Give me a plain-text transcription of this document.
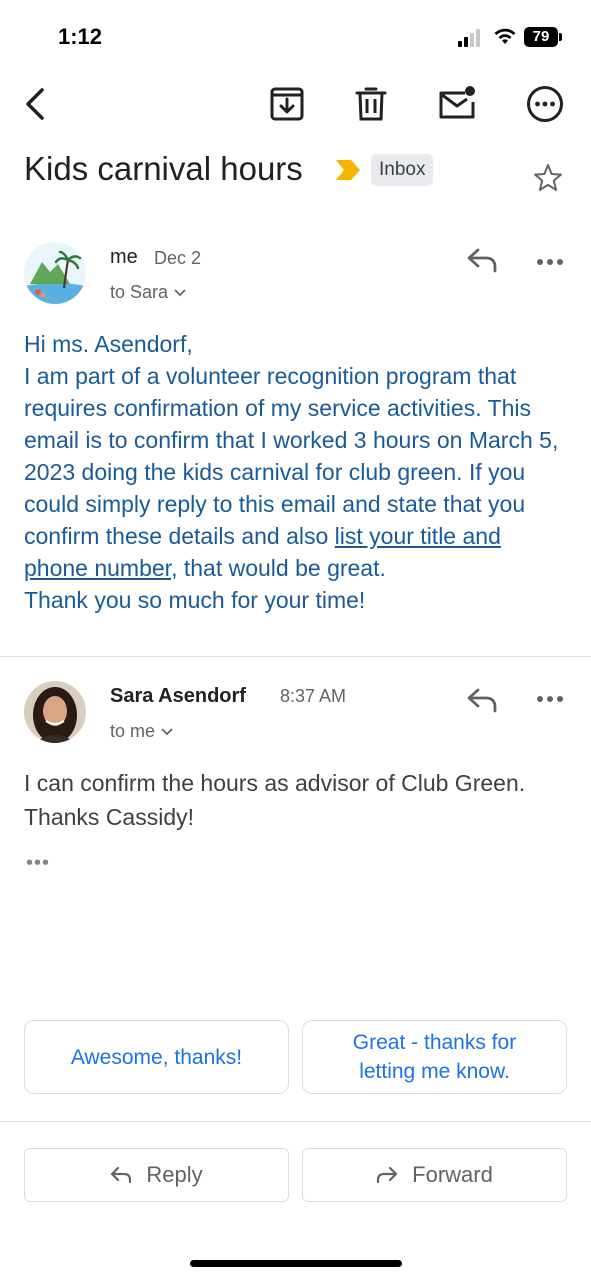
1:12	79
Kids carnival hours	Inbox
me Dec 2
to Sara
Hi ms. Asendorf,
I am part of a volunteer recognition program that requires confirmation of my service activities. This email is to confirm that I worked 3 hours on March 5, 2023 doing the kids carnival for club green. If you could simply reply to this email and state that you confirm these details and also list your title and phone number, that would be great.
Thank you so much for your time!
Sara Asendorf 8:37 AM
to me
I can confirm the hours as advisor of Club Green. Thanks Cassidy!
•••
Awesome, thanks!
Great - thanks for letting me know.
Reply	Forward
